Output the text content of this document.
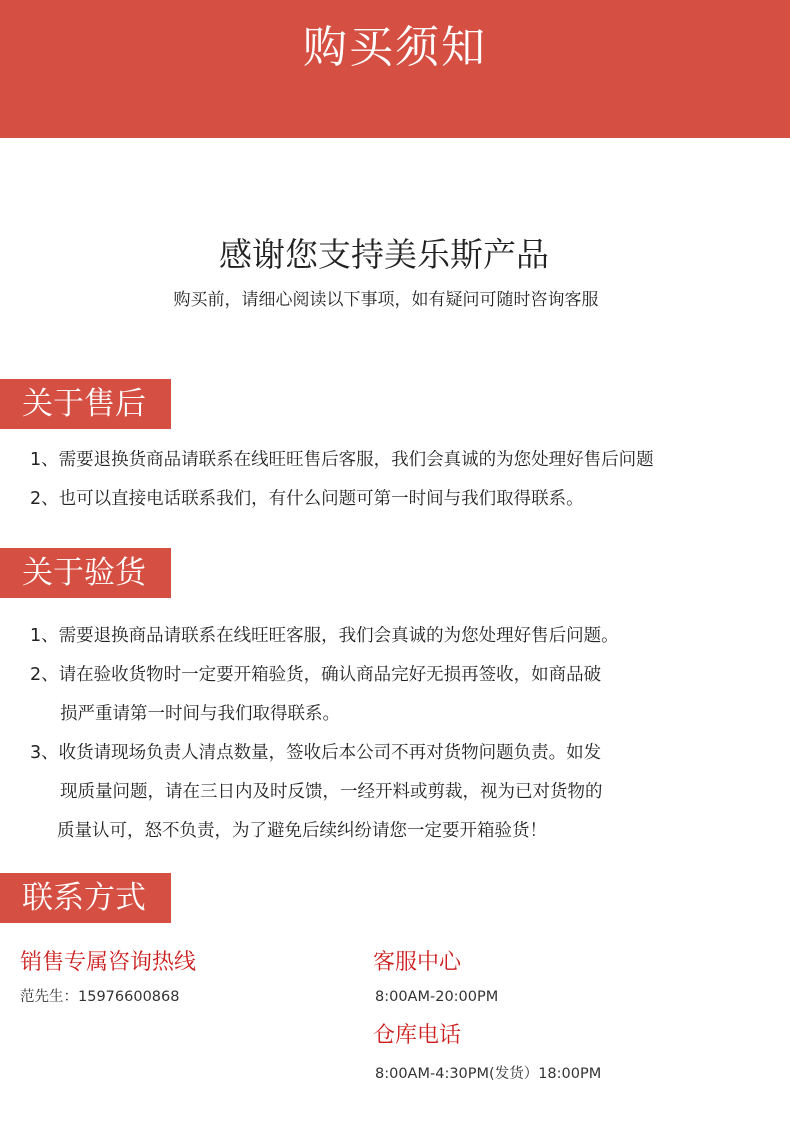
购买须知
感谢您支持美乐斯产品
购买前，请细心阅读以下事项，如有疑问可随时咨询客服
关于售后
1、需要退换货商品请联系在线旺旺售后客服，我们会真诚的为您处理好售后问题
2、也可以直接电话联系我们，有什么问题可第一时间与我们取得联系。
关于验货
1、需要退换商品请联系在线旺旺客服，我们会真诚的为您处理好售后问题。
2、请在验收货物时一定要开箱验货，确认商品完好无损再签收，如商品破
损严重请第一时间与我们取得联系。
3、收货请现场负责人清点数量，签收后本公司不再对货物问题负责。如发
现质量问题，请在三日内及时反馈，一经开料或剪裁，视为已对货物的
质量认可，怒不负责，为了避免后续纠纷请您一定要开箱验货！
联系方式
销售专属咨询热线
范先生：15976600868
客服中心
8:00AM-20:00PM
仓库电话
8:00AM-4:30PM(发货）18:00PM
